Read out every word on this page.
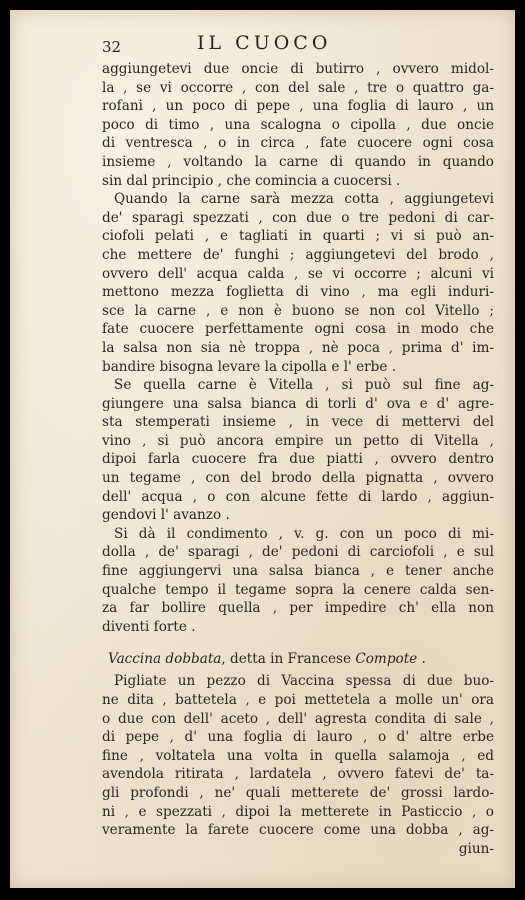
32	IL CUOCO
aggiungetevi due oncie di butirro , ovvero midol-
la , se vi occorre , con del sale , tre o quattro ga-
rofani , un poco di pepe , una foglia di lauro , un
poco di timo , una scalogna o cipolla , due oncie
di ventresca , o in circa , fate cuocere ogni cosa
insieme , voltando la carne di quando in quando
sin dal principio , che comincia a cuocersi .
Quando la carne sarà mezza cotta , aggiungetevi
de' sparagi spezzati , con due o tre pedoni di car-
ciofoli pelati , e tagliati in quarti ; vi si può an-
che mettere de' funghi ; aggiungetevi del brodo ,
ovvero dell' acqua calda , se vi occorre ; alcuni vi
mettono mezza foglietta di vino , ma egli induri-
sce la carne , e non è buono se non col Vitello ;
fate cuocere perfettamente ogni cosa in modo che
la salsa non sia nè troppa , nè poca , prima d' im-
bandire bisogna levare la cipolla e l' erbe .
Se quella carne è Vitella , si può sul fine ag-
giungere una salsa bianca di torli d' ova e d' agre-
sta stemperati insieme , in vece di mettervi del
vino , si può ancora empire un petto di Vitella ,
dipoi farla cuocere fra due piatti , ovvero dentro
un tegame , con del brodo della pignatta , ovvero
dell' acqua , o con alcune fette di lardo , aggiun-
gendovi l' avanzo .
Si dà il condimento , v. g. con un poco di mi-
dolla , de' sparagi , de' pedoni di carciofoli , e sul
fine aggiungervi una salsa bianca , e tener anche
qualche tempo il tegame sopra la cenere calda sen-
za far bollire quella , per impedire ch' ella non
diventi forte .
Vaccina dobbata, detta in Francese Compote .
Pigliate un pezzo di Vaccina spessa di due buo-
ne dita , battetela , e poi mettetela a molle un' ora
o due con dell' aceto , dell' agresta condita di sale ,
di pepe , d' una foglia di lauro , o d' altre erbe
fine , voltatela una volta in quella salamoja , ed
avendola ritirata , lardatela , ovvero fatevi de' ta-
gli profondi , ne' quali metterete de' grossi lardo-
ni , e spezzati , dipoi la metterete in Pasticcio , o
veramente la farete cuocere come una dobba , ag-
giun-
